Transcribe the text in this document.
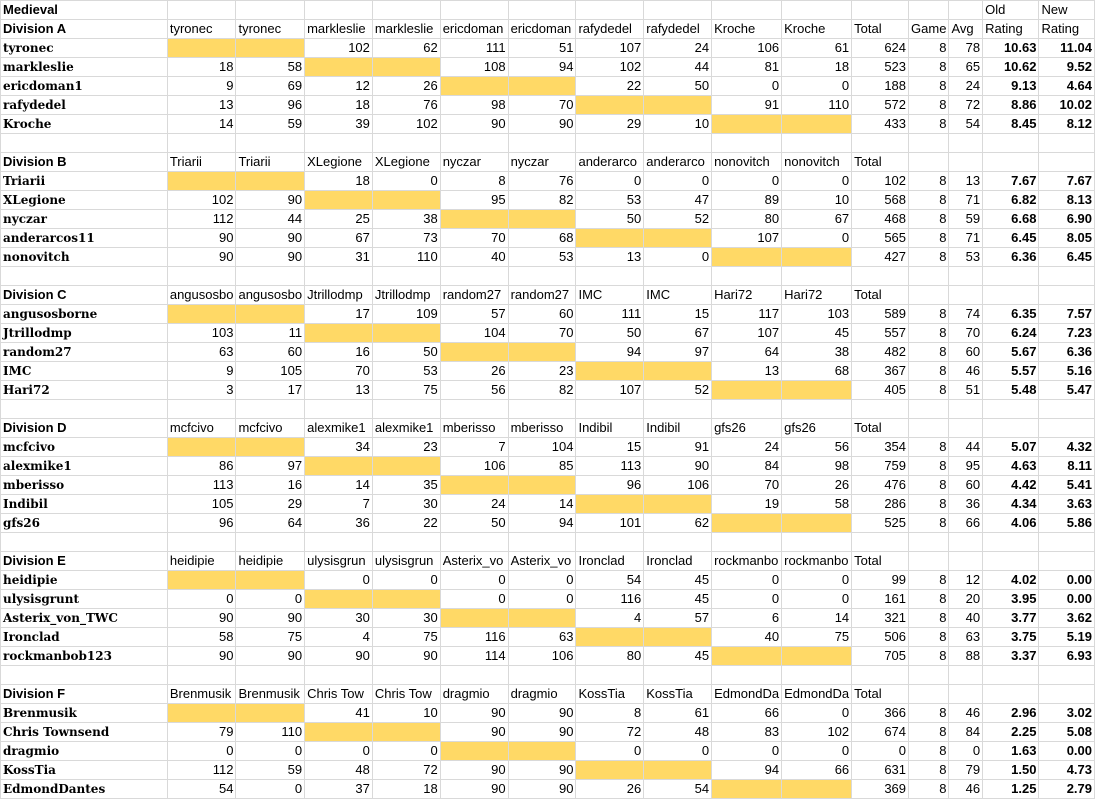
Medieval														Old	New
Division A	tyronec	tyronec	markleslie	markleslie	ericdoman	ericdoman	rafydedel	rafydedel	Kroche	Kroche	Total	Game	Avg	Rating	Rating
tyronec			102	62	111	51	107	24	106	61	624	8	78	10.63	11.04
markleslie	18	58			108	94	102	44	81	18	523	8	65	10.62	9.52
ericdoman1	9	69	12	26			22	50	0	0	188	8	24	9.13	4.64
rafydedel	13	96	18	76	98	70			91	110	572	8	72	8.86	10.02
Kroche	14	59	39	102	90	90	29	10			433	8	54	8.45	8.12

Division B	Triarii	Triarii	XLegione	XLegione	nyczar	nyczar	anderarco	anderarco	nonovitch	nonovitch	Total				
Triarii			18	0	8	76	0	0	0	0	102	8	13	7.67	7.67
XLegione	102	90			95	82	53	47	89	10	568	8	71	6.82	8.13
nyczar	112	44	25	38			50	52	80	67	468	8	59	6.68	6.90
anderarcos11	90	90	67	73	70	68			107	0	565	8	71	6.45	8.05
nonovitch	90	90	31	110	40	53	13	0			427	8	53	6.36	6.45

Division C	angusosbo	angusosbo	Jtrillodmp	Jtrillodmp	random27	random27	IMC	IMC	Hari72	Hari72	Total				
angusosborne			17	109	57	60	111	15	117	103	589	8	74	6.35	7.57
Jtrillodmp	103	11			104	70	50	67	107	45	557	8	70	6.24	7.23
random27	63	60	16	50			94	97	64	38	482	8	60	5.67	6.36
IMC	9	105	70	53	26	23			13	68	367	8	46	5.57	5.16
Hari72	3	17	13	75	56	82	107	52			405	8	51	5.48	5.47

Division D	mcfcivo	mcfcivo	alexmike1	alexmike1	mberisso	mberisso	Indibil	Indibil	gfs26	gfs26	Total				
mcfcivo			34	23	7	104	15	91	24	56	354	8	44	5.07	4.32
alexmike1	86	97			106	85	113	90	84	98	759	8	95	4.63	8.11
mberisso	113	16	14	35			96	106	70	26	476	8	60	4.42	5.41
Indibil	105	29	7	30	24	14			19	58	286	8	36	4.34	3.63
gfs26	96	64	36	22	50	94	101	62			525	8	66	4.06	5.86

Division E	heidipie	heidipie	ulysisgrun	ulysisgrun	Asterix_vo	Asterix_vo	Ironclad	Ironclad	rockmanbo	rockmanbo	Total				
heidipie			0	0	0	0	54	45	0	0	99	8	12	4.02	0.00
ulysisgrunt	0	0			0	0	116	45	0	0	161	8	20	3.95	0.00
Asterix_von_TWC	90	90	30	30			4	57	6	14	321	8	40	3.77	3.62
Ironclad	58	75	4	75	116	63			40	75	506	8	63	3.75	5.19
rockmanbob123	90	90	90	90	114	106	80	45			705	8	88	3.37	6.93

Division F	Brenmusik	Brenmusik	Chris Tow	Chris Tow	dragmio	dragmio	KossTia	KossTia	EdmondDa	EdmondDa	Total				
Brenmusik			41	10	90	90	8	61	66	0	366	8	46	2.96	3.02
Chris Townsend	79	110			90	90	72	48	83	102	674	8	84	2.25	5.08
dragmio	0	0	0	0			0	0	0	0	0	8	0	1.63	0.00
KossTia	112	59	48	72	90	90			94	66	631	8	79	1.50	4.73
EdmondDantes	54	0	37	18	90	90	26	54			369	8	46	1.25	2.79
